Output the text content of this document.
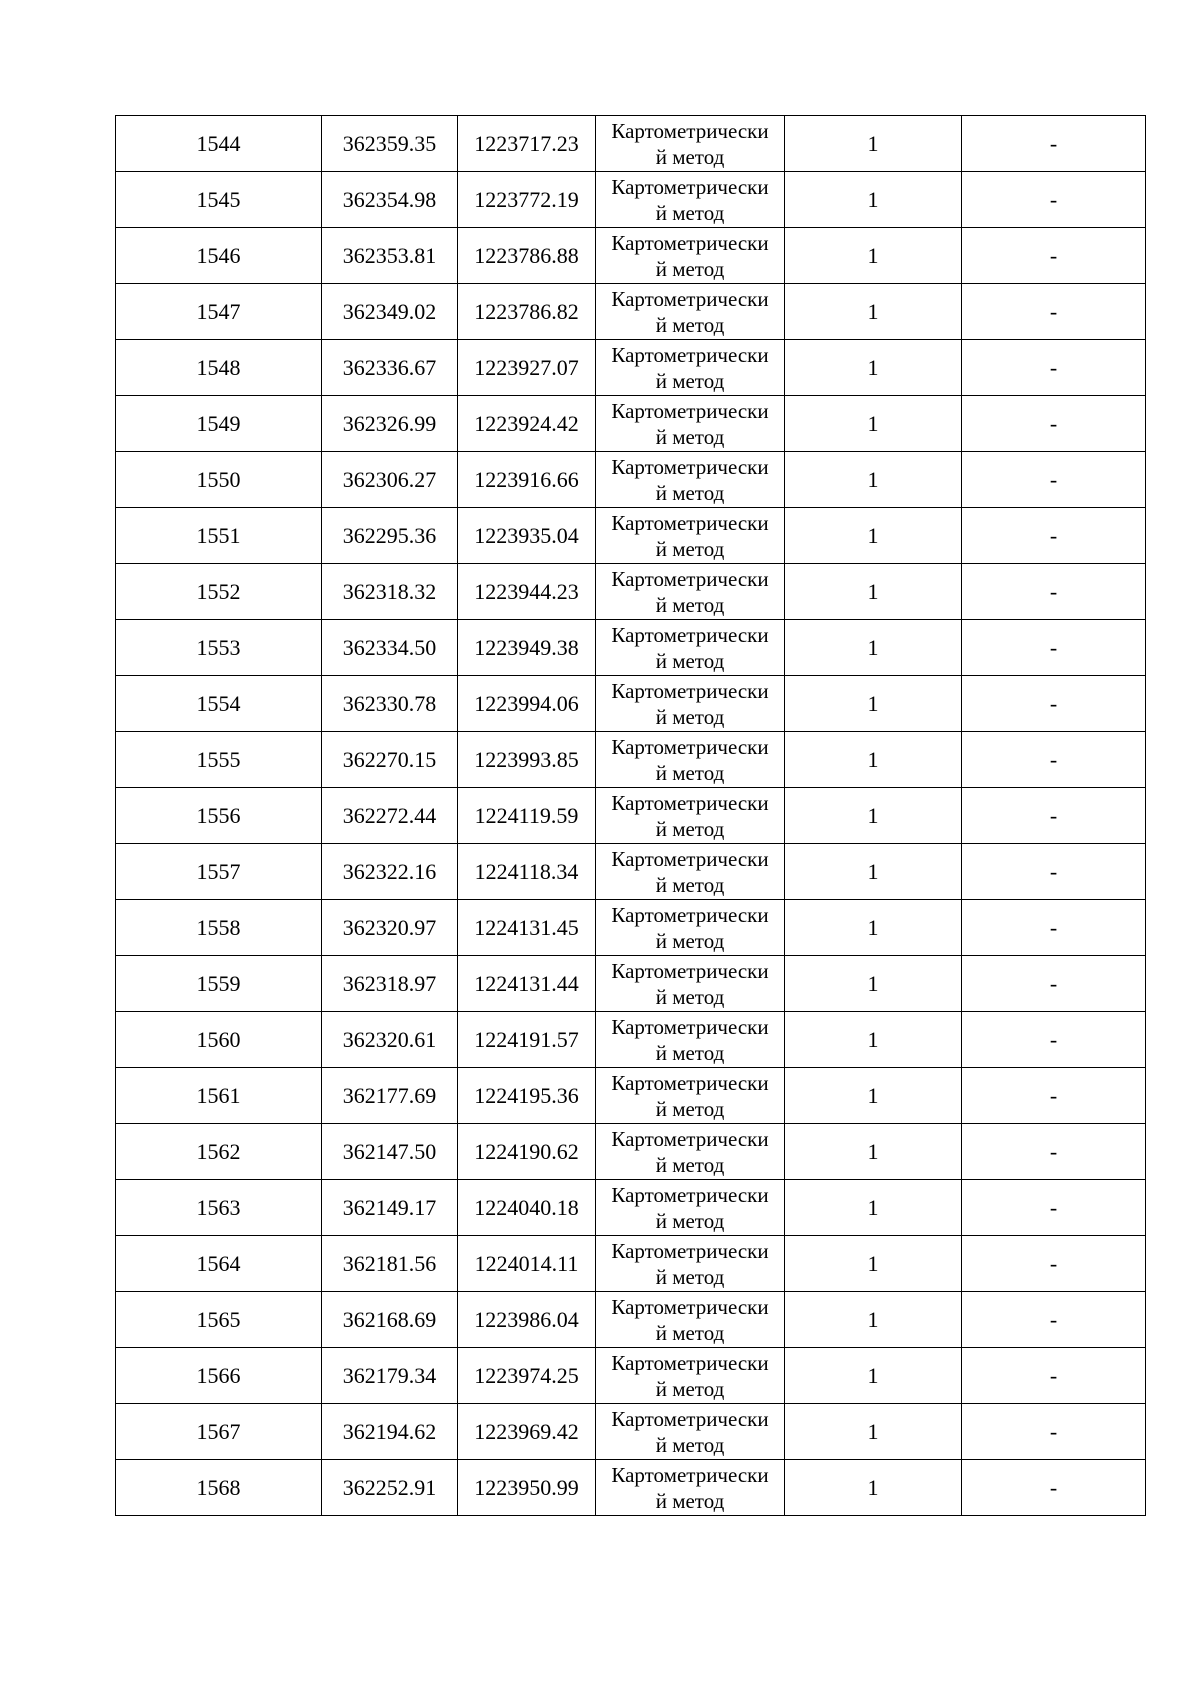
1544	362359.35	1223717.23	Картометрически
й метод	1	-
1545	362354.98	1223772.19	Картометрически
й метод	1	-
1546	362353.81	1223786.88	Картометрически
й метод	1	-
1547	362349.02	1223786.82	Картометрически
й метод	1	-
1548	362336.67	1223927.07	Картометрически
й метод	1	-
1549	362326.99	1223924.42	Картометрически
й метод	1	-
1550	362306.27	1223916.66	Картометрически
й метод	1	-
1551	362295.36	1223935.04	Картометрически
й метод	1	-
1552	362318.32	1223944.23	Картометрически
й метод	1	-
1553	362334.50	1223949.38	Картометрически
й метод	1	-
1554	362330.78	1223994.06	Картометрически
й метод	1	-
1555	362270.15	1223993.85	Картометрически
й метод	1	-
1556	362272.44	1224119.59	Картометрически
й метод	1	-
1557	362322.16	1224118.34	Картометрически
й метод	1	-
1558	362320.97	1224131.45	Картометрически
й метод	1	-
1559	362318.97	1224131.44	Картометрически
й метод	1	-
1560	362320.61	1224191.57	Картометрически
й метод	1	-
1561	362177.69	1224195.36	Картометрически
й метод	1	-
1562	362147.50	1224190.62	Картометрически
й метод	1	-
1563	362149.17	1224040.18	Картометрически
й метод	1	-
1564	362181.56	1224014.11	Картометрически
й метод	1	-
1565	362168.69	1223986.04	Картометрически
й метод	1	-
1566	362179.34	1223974.25	Картометрически
й метод	1	-
1567	362194.62	1223969.42	Картометрически
й метод	1	-
1568	362252.91	1223950.99	Картометрически
й метод	1	-
